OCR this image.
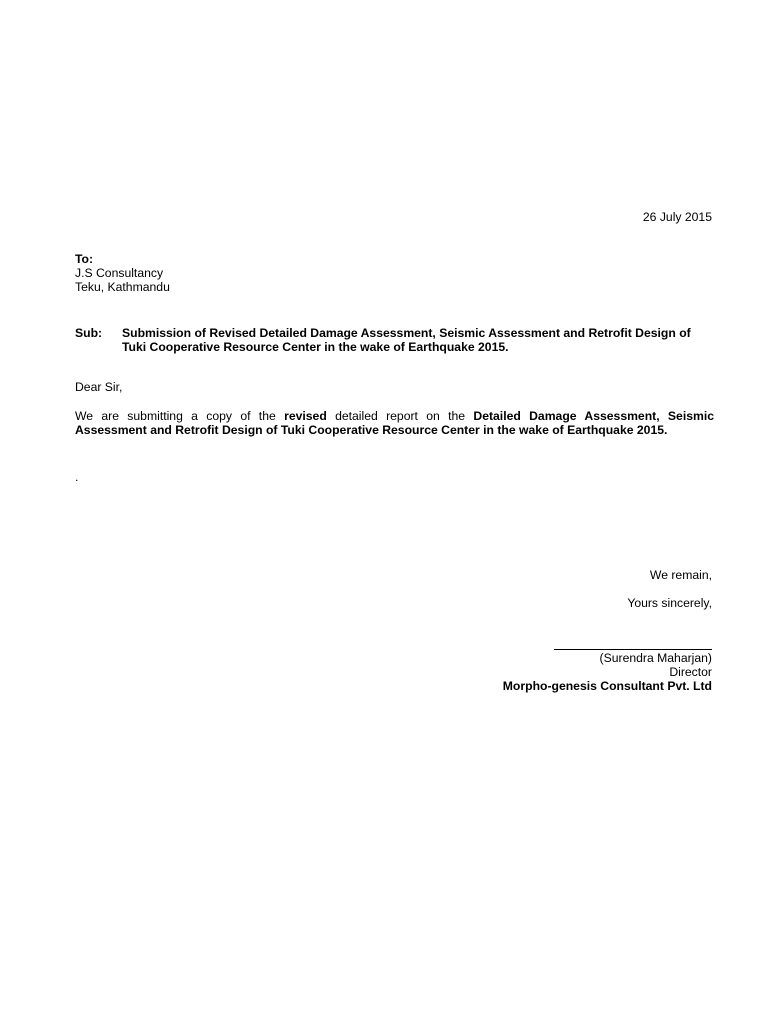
26 July 2015
To:
J.S Consultancy
Teku, Kathmandu
Sub: Submission of Revised Detailed Damage Assessment, Seismic Assessment and Retrofit Design of Tuki Cooperative Resource Center in the wake of Earthquake 2015.
Dear Sir,
We are submitting a copy of the revised detailed report on the Detailed Damage Assessment, Seismic Assessment and Retrofit Design of Tuki Cooperative Resource Center in the wake of Earthquake 2015.
.
We remain,
Yours sincerely,
(Surendra Maharjan)
Director
Morpho-genesis Consultant Pvt. Ltd
